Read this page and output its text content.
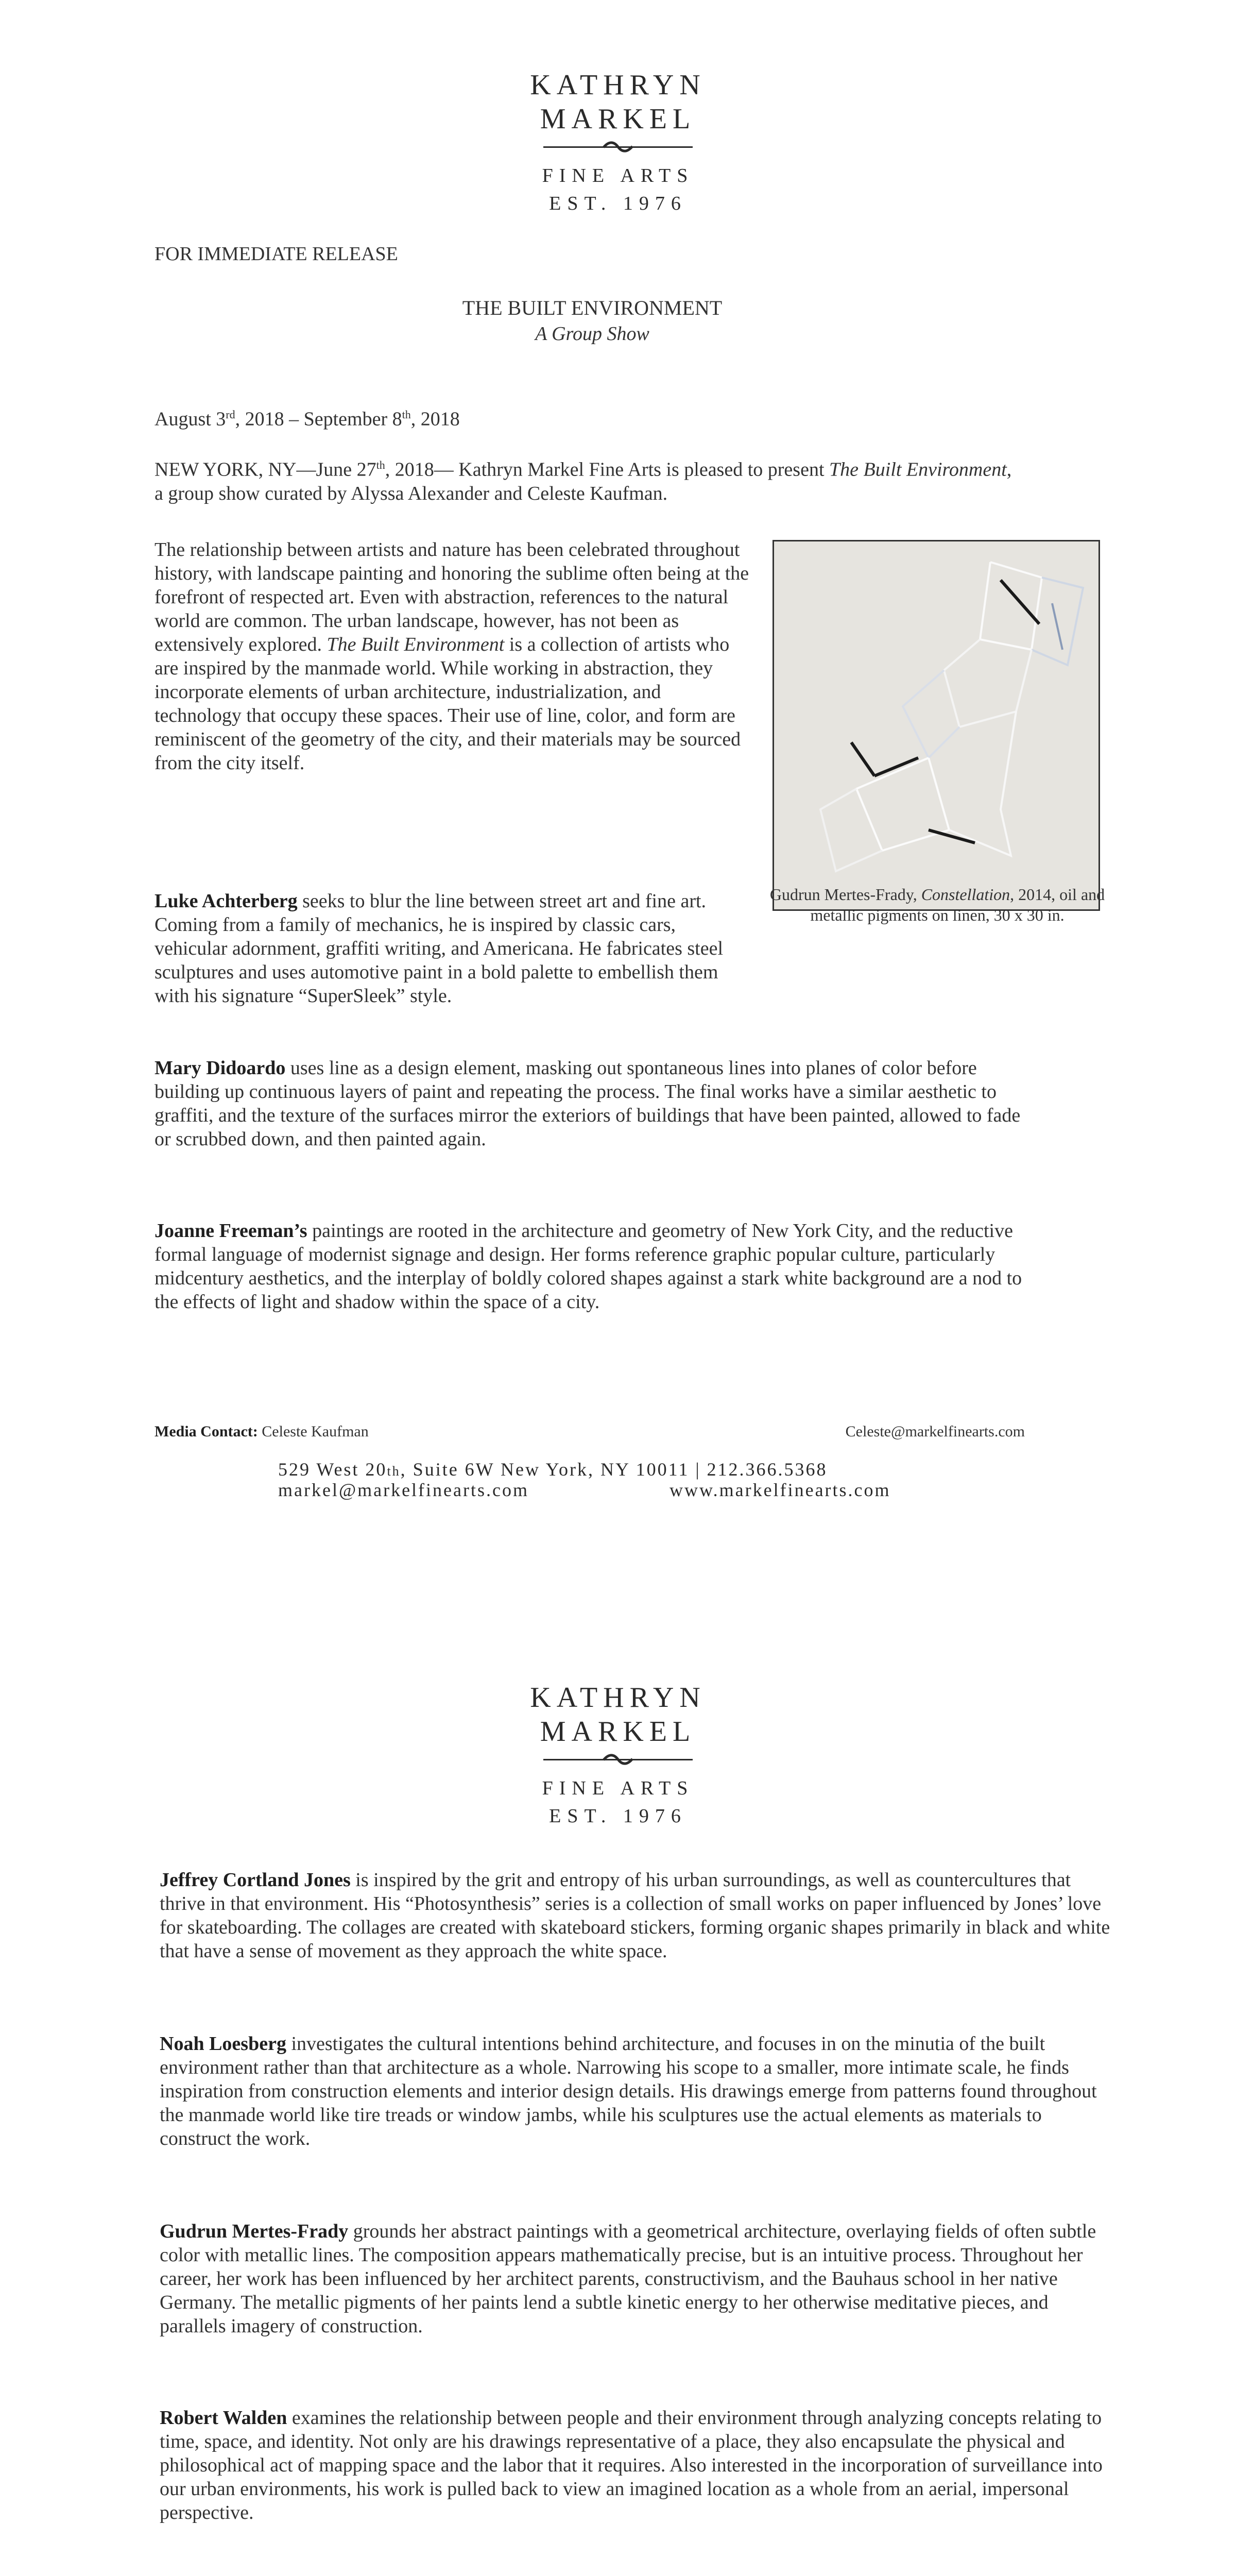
KATHRYN
MARKEL
FINE ARTS
EST. 1976
FOR IMMEDIATE RELEASE
THE BUILT ENVIRONMENT
A Group Show
August 3rd, 2018 – September 8th, 2018

NEW YORK, NY—June 27th, 2018— Kathryn Markel Fine Arts is pleased to present The Built Environment, a group show curated by Alyssa Alexander and Celeste Kaufman.

The relationship between artists and nature has been celebrated throughout history, with landscape painting and honoring the sublime often being at the forefront of respected art. Even with abstraction, references to the natural world are common. The urban landscape, however, has not been as extensively explored. The Built Environment is a collection of artists who are inspired by the manmade world. While working in abstraction, they incorporate elements of urban architecture, industrialization, and technology that occupy these spaces. Their use of line, color, and form are reminiscent of the geometry of the city, and their materials may be sourced from the city itself.

Gudrun Mertes-Frady, Constellation, 2014, oil and metallic pigments on linen, 30 x 30 in.

Luke Achterberg seeks to blur the line between street art and fine art. Coming from a family of mechanics, he is inspired by classic cars, vehicular adornment, graffiti writing, and Americana. He fabricates steel sculptures and uses automotive paint in a bold palette to embellish them with his signature “SuperSleek” style.

Mary Didoardo uses line as a design element, masking out spontaneous lines into planes of color before building up continuous layers of paint and repeating the process. The final works have a similar aesthetic to graffiti, and the texture of the surfaces mirror the exteriors of buildings that have been painted, allowed to fade or scrubbed down, and then painted again.

Joanne Freeman’s paintings are rooted in the architecture and geometry of New York City, and the reductive formal language of modernist signage and design. Her forms reference graphic popular culture, particularly midcentury aesthetics, and the interplay of boldly colored shapes against a stark white background are a nod to the effects of light and shadow within the space of a city.

Media Contact: Celeste Kaufman	Celeste@markelfinearts.com
529 West 20th, Suite 6W New York, NY 10011 | 212.366.5368
markel@markelfinearts.com	www.markelfinearts.com
KATHRYN
MARKEL
FINE ARTS
EST. 1976

Jeffrey Cortland Jones is inspired by the grit and entropy of his urban surroundings, as well as countercultures that thrive in that environment. His “Photosynthesis” series is a collection of small works on paper influenced by Jones’ love for skateboarding. The collages are created with skateboard stickers, forming organic shapes primarily in black and white that have a sense of movement as they approach the white space.

Noah Loesberg investigates the cultural intentions behind architecture, and focuses in on the minutia of the built environment rather than that architecture as a whole. Narrowing his scope to a smaller, more intimate scale, he finds inspiration from construction elements and interior design details. His drawings emerge from patterns found throughout the manmade world like tire treads or window jambs, while his sculptures use the actual elements as materials to construct the work.

Gudrun Mertes-Frady grounds her abstract paintings with a geometrical architecture, overlaying fields of often subtle color with metallic lines. The composition appears mathematically precise, but is an intuitive process. Throughout her career, her work has been influenced by her architect parents, constructivism, and the Bauhaus school in her native Germany. The metallic pigments of her paints lend a subtle kinetic energy to her otherwise meditative pieces, and parallels imagery of construction.

Robert Walden examines the relationship between people and their environment through analyzing concepts relating to time, space, and identity. Not only are his drawings representative of a place, they also encapsulate the physical and philosophical act of mapping space and the labor that it requires. Also interested in the incorporation of surveillance into our urban environments, his work is pulled back to view an imagined location as a whole from an aerial, impersonal perspective.
